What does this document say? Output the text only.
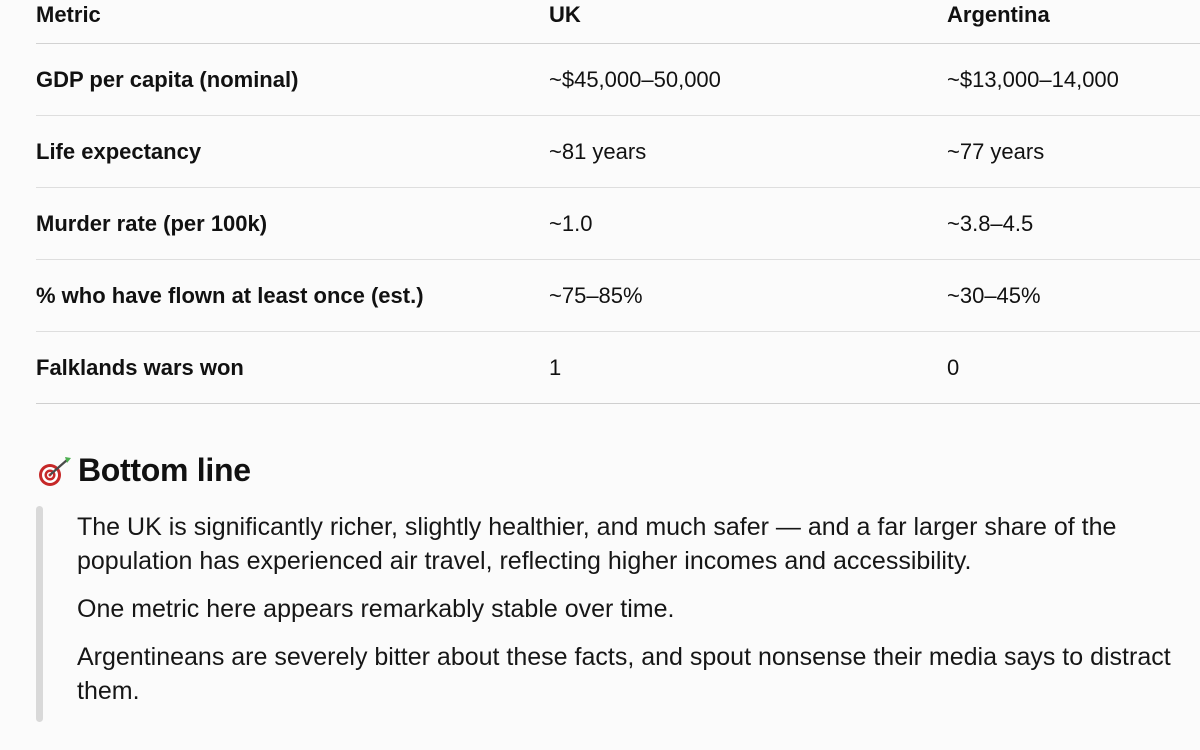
Metric	UK	Argentina
GDP per capita (nominal)	~$45,000–50,000	~$13,000–14,000
Life expectancy	~81 years	~77 years
Murder rate (per 100k)	~1.0	~3.8–4.5
% who have flown at least once (est.)	~75–85%	~30–45%
Falklands wars won	1	0
Bottom line

The UK is significantly richer, slightly healthier, and much safer — and a far larger share of the population has experienced air travel, reflecting higher incomes and accessibility.

One metric here appears remarkably stable over time.

Argentineans are severely bitter about these facts, and spout nonsense their media says to distract them.
